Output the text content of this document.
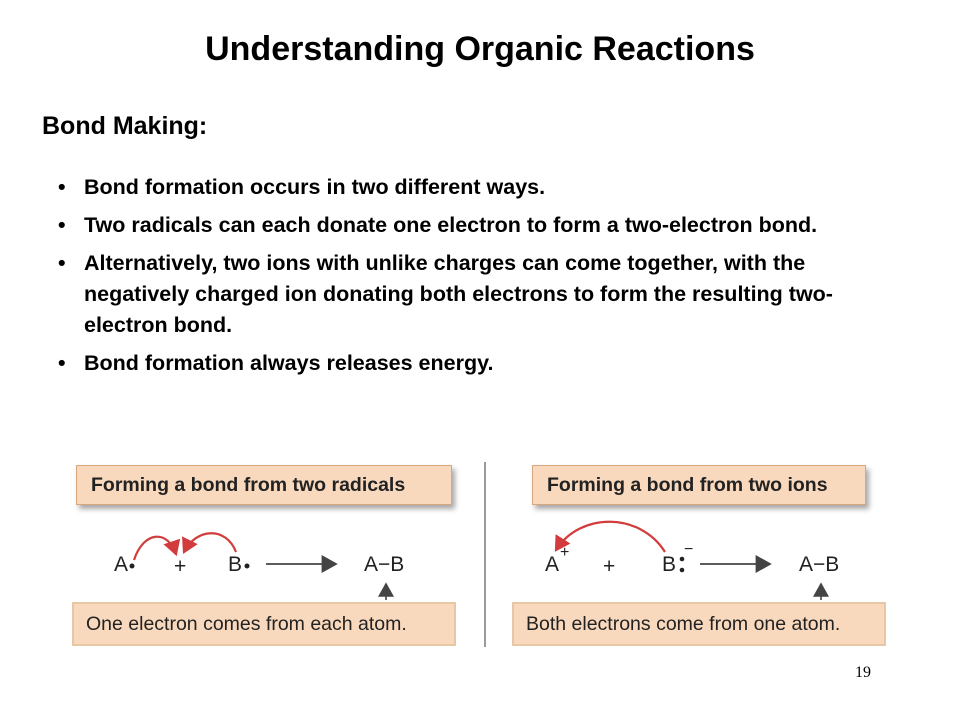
Understanding Organic Reactions
Bond Making:
• Bond formation occurs in two different ways.
• Two radicals can each donate one electron to form a two-electron bond.
• Alternatively, two ions with unlike charges can come together, with the negatively charged ion donating both electrons to form the resulting two-electron bond.
• Bond formation always releases energy.
Forming a bond from two radicals
A + B	A−B
One electron comes from each atom.
Forming a bond from two ions
A
+
+ B
−
A−B
Both electrons come from one atom.
19
